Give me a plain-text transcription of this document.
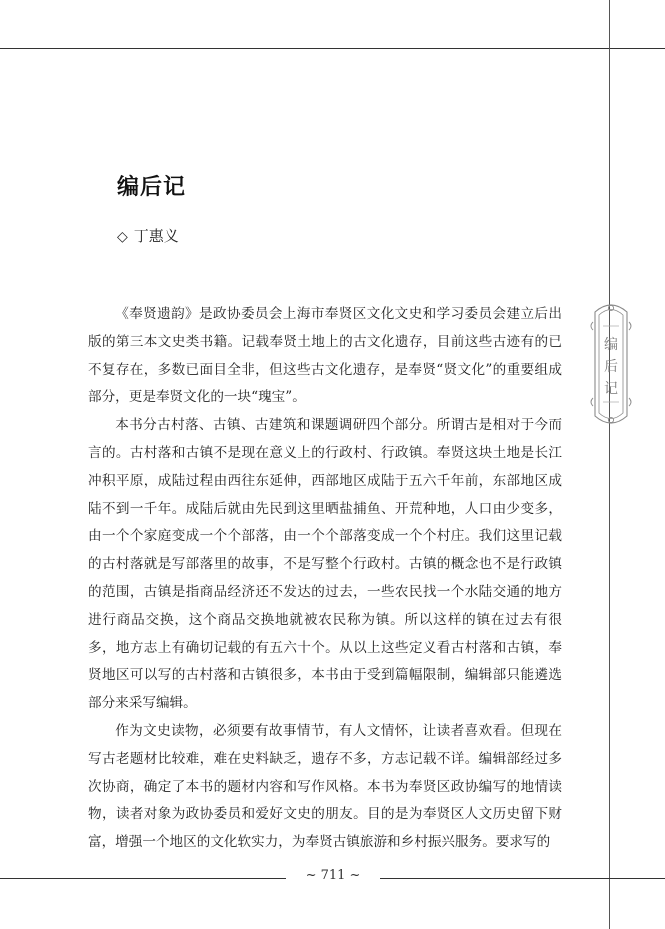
编后记
◇ 丁惠义

《奉贤遗韵》是政协委员会上海市奉贤区文化文史和学习委员会建立后出版的第三本文史类书籍。记载奉贤土地上的古文化遗存，目前这些古迹有的已不复存在，多数已面目全非，但这些古文化遗存，是奉贤“贤文化”的重要组成部分，更是奉贤文化的一块“瑰宝”。

本书分古村落、古镇、古建筑和课题调研四个部分。所谓古是相对于今而言的。古村落和古镇不是现在意义上的行政村、行政镇。奉贤这块土地是长江冲积平原，成陆过程由西往东延伸，西部地区成陆于五六千年前，东部地区成陆不到一千年。成陆后就由先民到这里晒盐捕鱼、开荒种地，人口由少变多，由一个个家庭变成一个个部落，由一个个部落变成一个个村庄。我们这里记载的古村落就是写部落里的故事，不是写整个行政村。古镇的概念也不是行政镇的范围，古镇是指商品经济还不发达的过去，一些农民找一个水陆交通的地方进行商品交换，这个商品交换地就被农民称为镇。所以这样的镇在过去有很多，地方志上有确切记载的有五六十个。从以上这些定义看古村落和古镇，奉贤地区可以写的古村落和古镇很多，本书由于受到篇幅限制，编辑部只能遴选部分来采写编辑。

作为文史读物，必须要有故事情节，有人文情怀，让读者喜欢看。但现在写古老题材比较难，难在史料缺乏，遗存不多，方志记载不详。编辑部经过多次协商，确定了本书的题材内容和写作风格。本书为奉贤区政协编写的地情读物，读者对象为政协委员和爱好文史的朋友。目的是为奉贤区人文历史留下财富，增强一个地区的文化软实力，为奉贤古镇旅游和乡村振兴服务。要求写的

编
后
记
~ 711 ~
